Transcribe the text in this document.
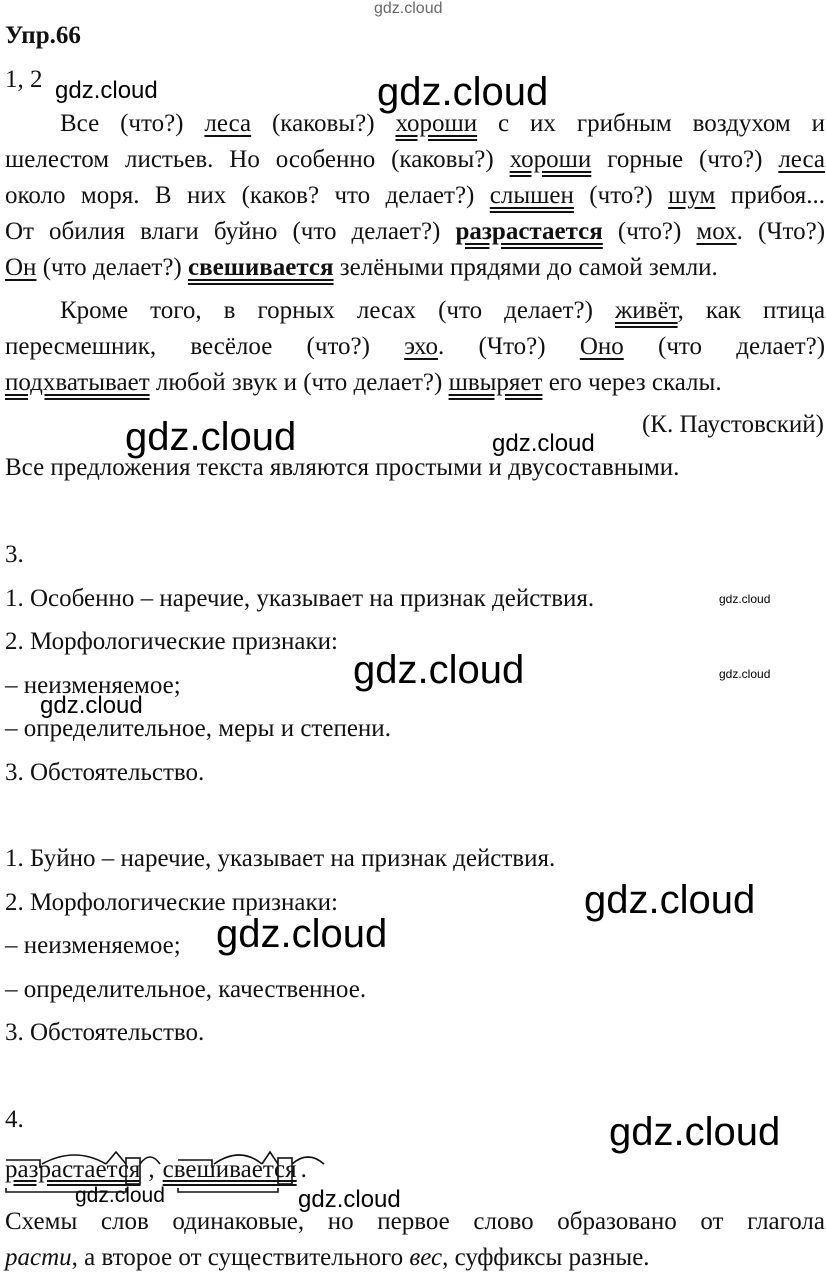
gdz.cloud
gdz.cloud
gdz.cloud
gdz.cloud	gdz.cloud
gdz.cloud
gdz.cloud	gdz.cloud
gdz.cloud
gdz.cloud
gdz.cloud
gdz.cloud
gdz.cloud	gdz.cloud
Упр.66
1, 2
Все (что?) леса (каковы?) хороши с их грибным воздухом и
шелестом листьев. Но особенно (каковы?) хороши горные (что?) леса
около моря. В них (каков? что делает?) слышен (что?) шум прибоя...
От обилия влаги буйно (что делает?) разрастается (что?) мох. (Что?)
Он (что делает?) свешивается зелёными прядями до самой земли.
Кроме того, в горных лесах (что делает?) живёт, как птица
пересмешник, весёлое (что?) эхо. (Что?) Оно (что делает?)
подхватывает любой звук и (что делает?) швыряет его через скалы.
(К. Паустовский)
Все предложения текста являются простыми и двусоставными.
3.
1. Особенно – наречие, указывает на признак действия.
2. Морфологические признаки:
– неизменяемое;
– определительное, меры и степени.
3. Обстоятельство.
1. Буйно – наречие, указывает на признак действия.
2. Морфологические признаки:
– неизменяемое;
– определительное, качественное.
3. Обстоятельство.
4.
разрастается , свешивается .
Схемы слов одинаковые, но первое слово образовано от глагола
расти, а второе от существительного вес, суффиксы разные.
